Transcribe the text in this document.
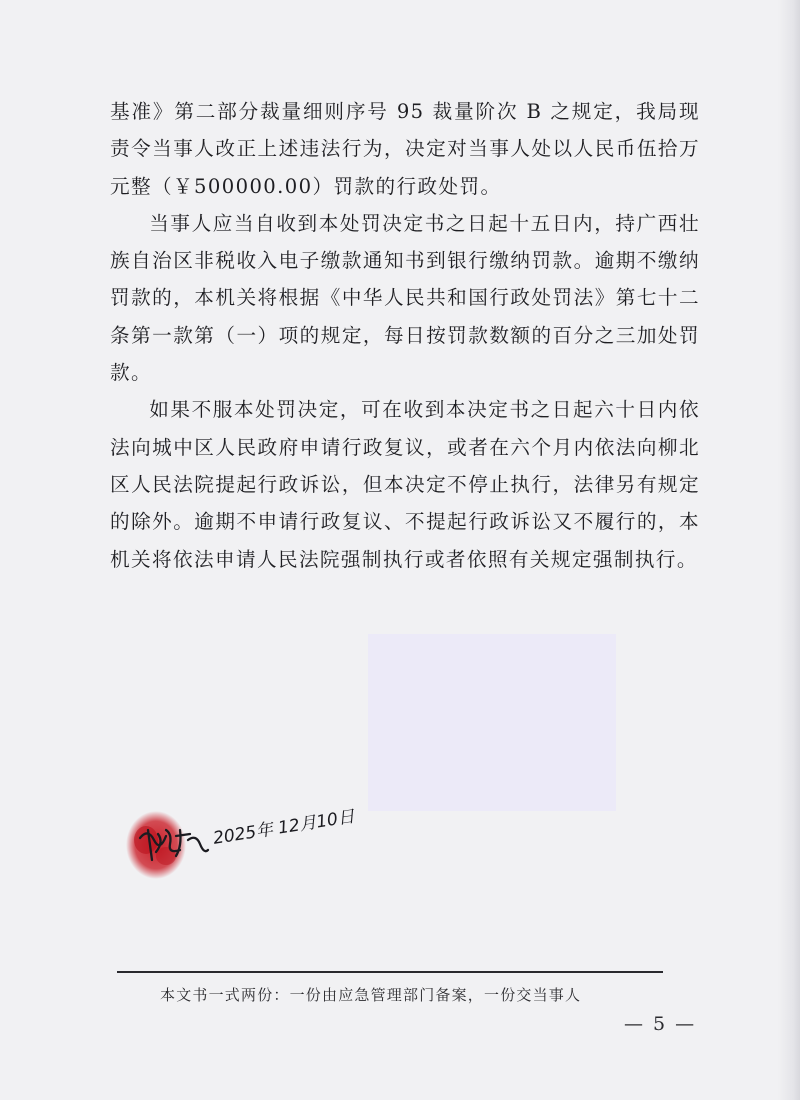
基准》第二部分裁量细则序号 95 裁量阶次 B 之规定，我局现责令当事人改正上述违法行为，决定对当事人处以人民币伍拾万元整（￥500000.00）罚款的行政处罚。

当事人应当自收到本处罚决定书之日起十五日内，持广西壮族自治区非税收入电子缴款通知书到银行缴纳罚款。逾期不缴纳罚款的，本机关将根据《中华人民共和国行政处罚法》第七十二条第一款第（一）项的规定，每日按罚款数额的百分之三加处罚款。

如果不服本处罚决定，可在收到本决定书之日起六十日内依法向城中区人民政府申请行政复议，或者在六个月内依法向柳北区人民法院提起行政诉讼，但本决定不停止执行，法律另有规定的除外。逾期不申请行政复议、不提起行政诉讼又不履行的，本机关将依法申请人民法院强制执行或者依照有关规定强制执行。

2025年 12月10日
本文书一式两份：一份由应急管理部门备案，一份交当事人
— 5 —
